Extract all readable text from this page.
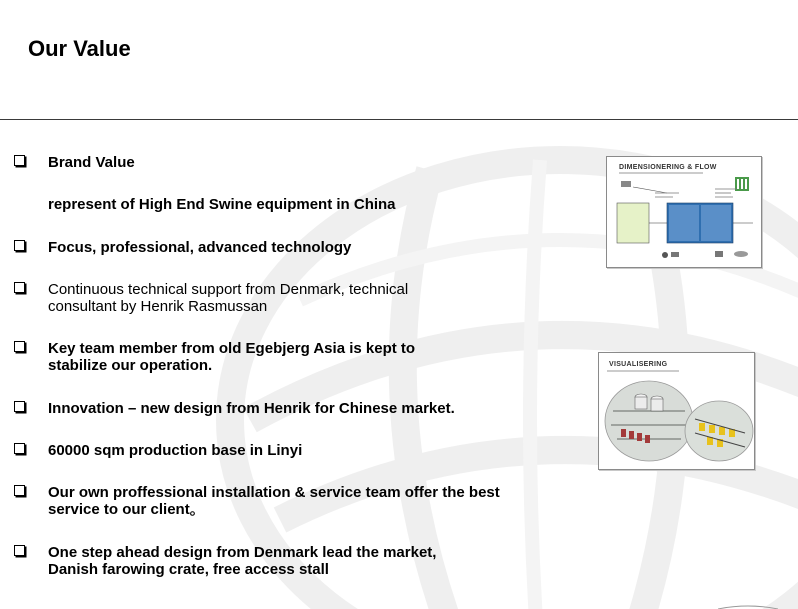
Our Value
Brand Value
represent of High End Swine equipment in China
Focus, professional, advanced technology
Continuous technical support from Denmark, technical consultant by Henrik Rasmussan
Key team member from old Egebjerg Asia is kept to stabilize our operation.
Innovation – new design from Henrik for Chinese market.
60000 sqm production base in Linyi
Our own proffessional installation & service team offer the best service to our client。
One step ahead design from Denmark lead the market, Danish farowing crate, free access stall
DIMENSIONERING & FLOW
VISUALISERING
